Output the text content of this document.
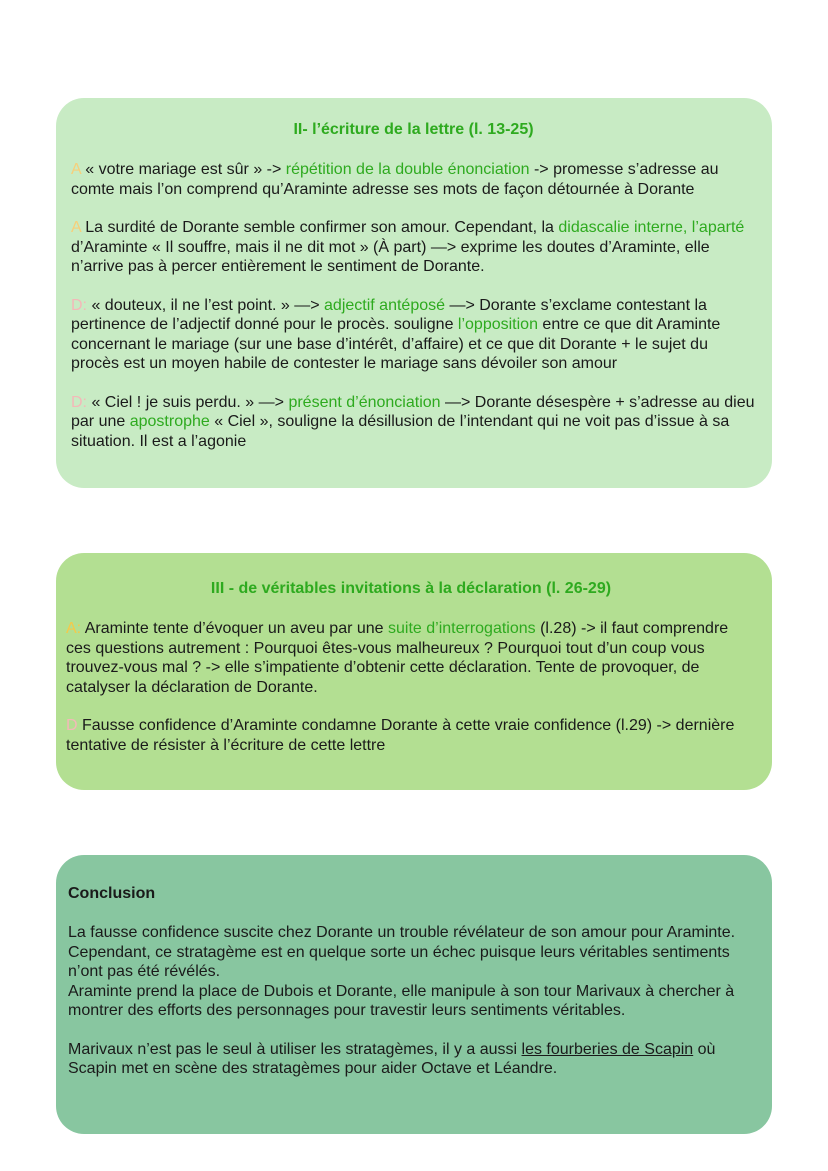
II- l’écriture de la lettre (l. 13-25)

A « votre mariage est sûr » -> répétition de la double énonciation -> promesse s’adresse au comte mais l’on comprend qu’Araminte adresse ses mots de façon détournée à Dorante

A La surdité de Dorante semble confirmer son amour. Cependant, la didascalie interne, l’aparté d’Araminte « Il souffre, mais il ne dit mot » (À part) —> exprime les doutes d’Araminte, elle n’arrive pas à percer entièrement le sentiment de Dorante.

D: « douteux, il ne l’est point. » —> adjectif antéposé —> Dorante s’exclame contestant la pertinence de l’adjectif donné pour le procès. souligne l’opposition entre ce que dit Araminte concernant le mariage (sur une base d’intérêt, d’affaire) et ce que dit Dorante + le sujet du procès est un moyen habile de contester le mariage sans dévoiler son amour

D: « Ciel ! je suis perdu. » —> présent d’énonciation —> Dorante désespère + s’adresse au dieu par une apostrophe « Ciel », souligne la désillusion de l’intendant qui ne voit pas d’issue à sa situation. Il est a l’agonie

III - de véritables invitations à la déclaration (l. 26-29)

A: Araminte tente d’évoquer un aveu par une suite d’interrogations (l.28) -> il faut comprendre ces questions autrement : Pourquoi êtes-vous malheureux ? Pourquoi tout d’un coup vous trouvez-vous mal ? -> elle s’impatiente d’obtenir cette déclaration. Tente de provoquer, de catalyser la déclaration de Dorante.

D Fausse confidence d’Araminte condamne Dorante à cette vraie confidence (l.29) -> dernière tentative de résister à l’écriture de cette lettre

Conclusion

La fausse confidence suscite chez Dorante un trouble révélateur de son amour pour Araminte.
Cependant, ce stratagème est en quelque sorte un échec puisque leurs véritables sentiments n’ont pas été révélés.
Araminte prend la place de Dubois et Dorante, elle manipule à son tour Marivaux à chercher à montrer des efforts des personnages pour travestir leurs sentiments véritables.

Marivaux n’est pas le seul à utiliser les stratagèmes, il y a aussi les fourberies de Scapin où Scapin met en scène des stratagèmes pour aider Octave et Léandre.
